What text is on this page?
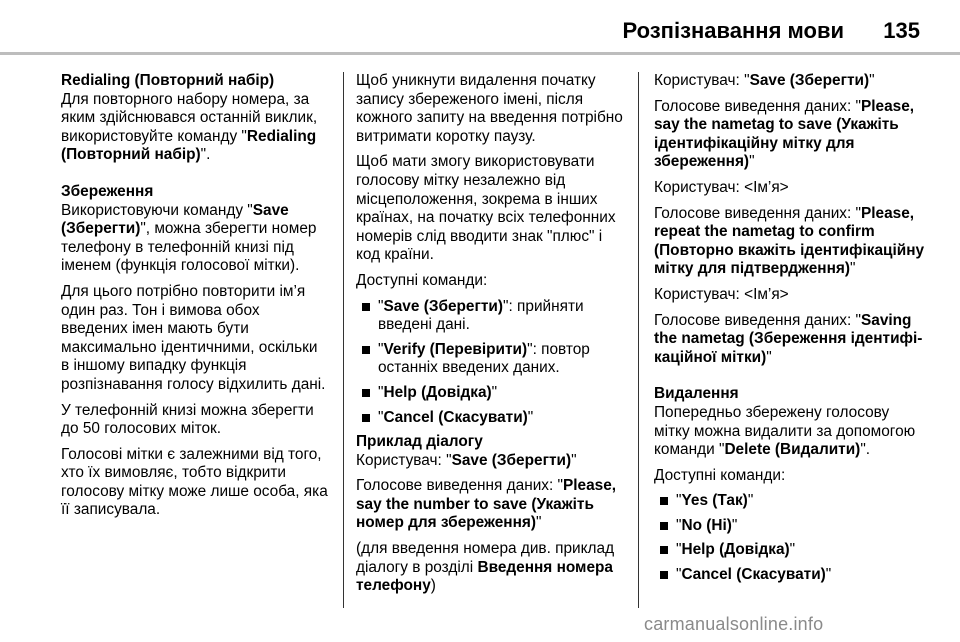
Розпізнавання мови 135

Redialing (Повторний набір)
Для повторного набору номера, за яким здійснювався останній виклик, використовуйте команду "Redialing (Повторний набір)".

Збереження
Використовуючи команду "Save (Зберегти)", можна зберегти номер телефону в телефонній книзі під іменем (функція голосової мітки).

Для цього потрібно повторити ім’я один раз. Тон і вимова обох введених імен мають бути максимально ідентичними, оскільки в іншому випадку функція розпізнавання голосу відхилить дані.

У телефонній книзі можна зберегти до 50 голосових міток.

Голосові мітки є залежними від того, хто їх вимовляє, тобто відкрити голосову мітку може лише особа, яка її записувала.

Щоб уникнути видалення початку запису збереженого імені, після кожного запиту на введення потрібно витримати коротку паузу.

Щоб мати змогу використовувати голосову мітку незалежно від місцеположення, зокрема в інших країнах, на початку всіх телефонних номерів слід вводити знак "плюс" і код країни.

Доступні команди:

"Save (Зберегти)": прийняти введені дані.
"Verify (Перевірити)": повтор останніх введених даних.
"Help (Довідка)"
"Cancel (Скасувати)"

Приклад діалогу
Користувач: "Save (Зберегти)"

Голосове виведення даних: "Please, say the number to save (Укажіть номер для збереження)"

(для введення номера див. приклад діалогу в розділі Введення номера телефону)

Користувач: "Save (Зберегти)"

Голосове виведення даних: "Please, say the nametag to save (Укажіть ідентифікаційну мітку для збереження)"

Користувач: <Ім’я>

Голосове виведення даних: "Please, repeat the nametag to confirm (Повторно вкажіть ідентифікаційну мітку для підтвердження)"

Користувач: <Ім’я>

Голосове виведення даних: "Saving the nametag (Збереження ідентифі-каційної мітки)"

Видалення
Попередньо збережену голосову мітку можна видалити за допомогою команди "Delete (Видалити)".

Доступні команди:

"Yes (Так)"
"No (Ні)"
"Help (Довідка)"
"Cancel (Скасувати)"
carmanualsonline.info
